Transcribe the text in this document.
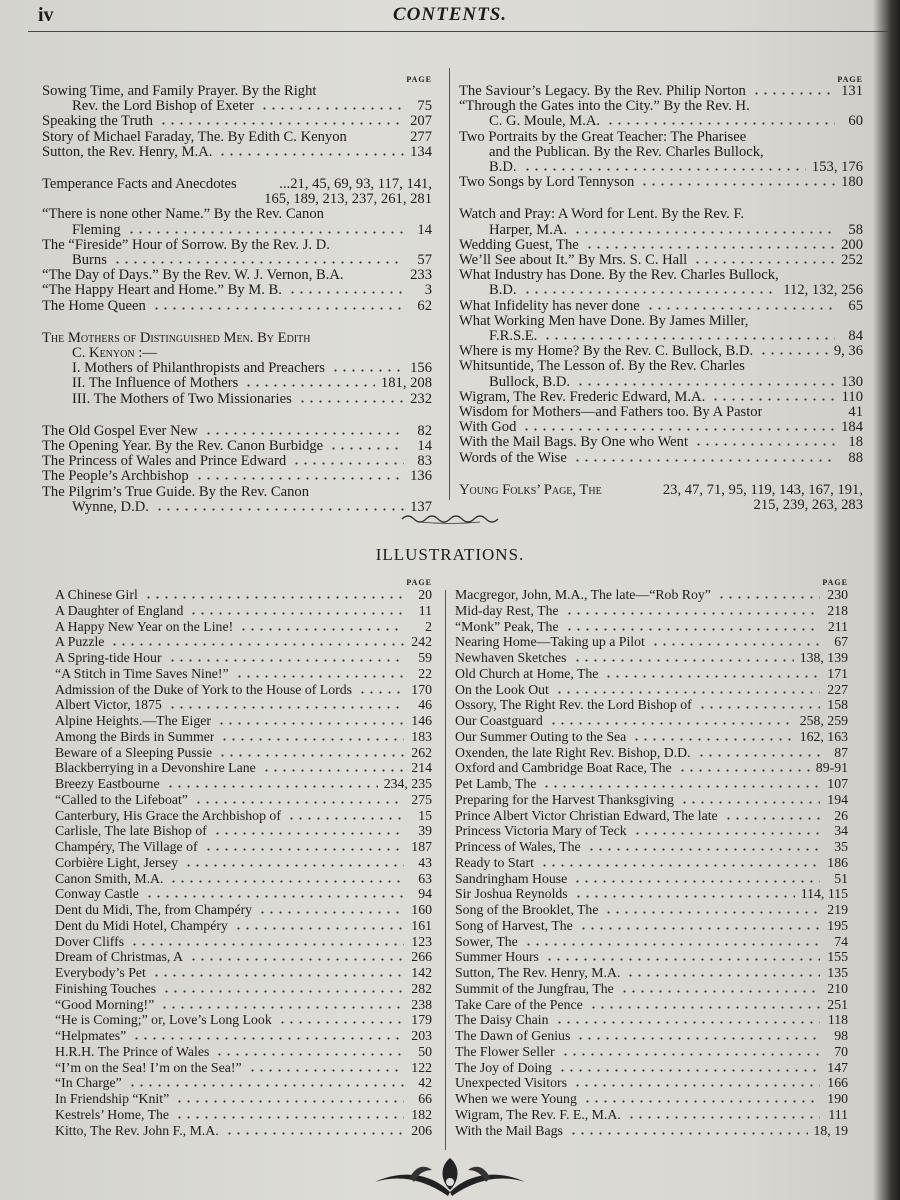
iv	CONTENTS.
PAGE
Sowing Time, and Family Prayer. By the Right
Rev. the Lord Bishop of Exeter	75
Speaking the Truth	207
Story of Michael Faraday, The. By Edith C. Kenyon	277
Sutton, the Rev. Henry, M.A.	134
Temperance Facts and Anecdotes	...21, 45, 69, 93, 117, 141,
165, 189, 213, 237, 261, 281
“There is none other Name.” By the Rev. Canon
Fleming	14
The “Fireside” Hour of Sorrow. By the Rev. J. D.
Burns	57
“The Day of Days.” By the Rev. W. J. Vernon, B.A.	233
“The Happy Heart and Home.” By M. B.	3
The Home Queen	62
The Mothers of Distinguished Men. By Edith
C. Kenyon :—
I. Mothers of Philanthropists and Preachers	156
II. The Influence of Mothers	181, 208
III. The Mothers of Two Missionaries	232
The Old Gospel Ever New	82
The Opening Year. By the Rev. Canon Burbidge	14
The Princess of Wales and Prince Edward	83
The People’s Archbishop	136
The Pilgrim’s True Guide. By the Rev. Canon
Wynne, D.D.	137
PAGE
The Saviour’s Legacy. By the Rev. Philip Norton	131
“Through the Gates into the City.” By the Rev. H.
C. G. Moule, M.A.	60
Two Portraits by the Great Teacher: The Pharisee
and the Publican. By the Rev. Charles Bullock,
B.D.	153, 176
Two Songs by Lord Tennyson	180
Watch and Pray: A Word for Lent. By the Rev. F.
Harper, M.A.	58
Wedding Guest, The	200
We’ll See about It.” By Mrs. S. C. Hall	252
What Industry has Done. By the Rev. Charles Bullock,
B.D.	112, 132, 256
What Infidelity has never done	65
What Working Men have Done. By James Miller,
F.R.S.E.	84
Where is my Home? By the Rev. C. Bullock, B.D.	9, 36
Whitsuntide, The Lesson of. By the Rev. Charles
Bullock, B.D.	130
Wigram, The Rev. Frederic Edward, M.A.	110
Wisdom for Mothers—and Fathers too. By A Pastor	41
With God	184
With the Mail Bags. By One who Went	18
Words of the Wise	88
Young Folks’ Page, The	23, 47, 71, 95, 119, 143, 167, 191,
215, 239, 263, 283
ILLUSTRATIONS.
PAGE
A Chinese Girl	20
A Daughter of England	11
A Happy New Year on the Line!	2
A Puzzle	242
A Spring-tide Hour	59
“A Stitch in Time Saves Nine!”	22
Admission of the Duke of York to the House of Lords	170
Albert Victor, 1875	46
Alpine Heights.—The Eiger	146
Among the Birds in Summer	183
Beware of a Sleeping Pussie	262
Blackberrying in a Devonshire Lane	214
Breezy Eastbourne	234, 235
“Called to the Lifeboat”	275
Canterbury, His Grace the Archbishop of	15
Carlisle, The late Bishop of	39
Champéry, The Village of	187
Corbière Light, Jersey	43
Canon Smith, M.A.	63
Conway Castle	94
Dent du Midi, The, from Champéry	160
Dent du Midi Hotel, Champéry	161
Dover Cliffs	123
Dream of Christmas, A	266
Everybody’s Pet	142
Finishing Touches	282
“Good Morning!”	238
“He is Coming;” or, Love’s Long Look	179
“Helpmates”	203
H.R.H. The Prince of Wales	50
“I’m on the Sea! I’m on the Sea!”	122
“In Charge”	42
In Friendship “Knit”	66
Kestrels’ Home, The	182
Kitto, The Rev. John F., M.A.	206
PAGE
Macgregor, John, M.A., The late—“Rob Roy”	230
Mid-day Rest, The	218
“Monk” Peak, The	211
Nearing Home—Taking up a Pilot	67
Newhaven Sketches	138, 139
Old Church at Home, The	171
On the Look Out	227
Ossory, The Right Rev. the Lord Bishop of	158
Our Coastguard	258, 259
Our Summer Outing to the Sea	162, 163
Oxenden, the late Right Rev. Bishop, D.D.	87
Oxford and Cambridge Boat Race, The	89-91
Pet Lamb, The	107
Preparing for the Harvest Thanksgiving	194
Prince Albert Victor Christian Edward, The late	26
Princess Victoria Mary of Teck	34
Princess of Wales, The	35
Ready to Start	186
Sandringham House	51
Sir Joshua Reynolds	114, 115
Song of the Brooklet, The	219
Song of Harvest, The	195
Sower, The	74
Summer Hours	155
Sutton, The Rev. Henry, M.A.	135
Summit of the Jungfrau, The	210
Take Care of the Pence	251
The Daisy Chain	118
The Dawn of Genius	98
The Flower Seller	70
The Joy of Doing	147
Unexpected Visitors	166
When we were Young	190
Wigram, The Rev. F. E., M.A.	111
With the Mail Bags	18, 19
